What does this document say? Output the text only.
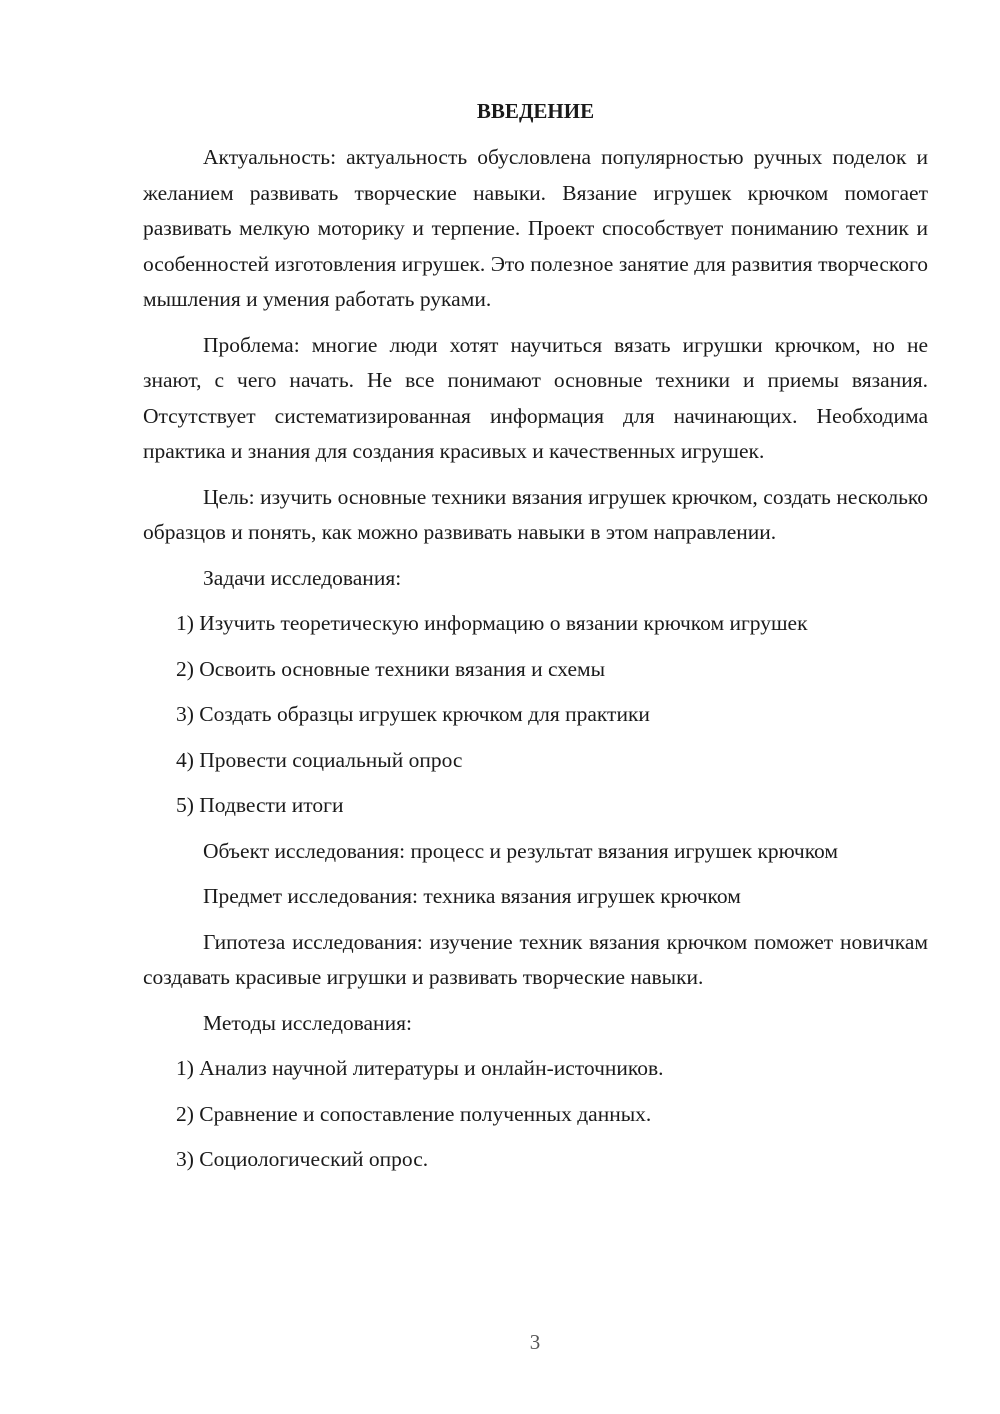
ВВЕДЕНИЕ

Актуальность: актуальность обусловлена популярностью ручных поделок и желанием развивать творческие навыки. Вязание игрушек крючком помогает развивать мелкую моторику и терпение. Проект способствует пониманию техник и особенностей изготовления игрушек. Это полезное занятие для развития творческого мышления и умения работать руками.

Проблема: многие люди хотят научиться вязать игрушки крючком, но не знают, с чего начать. Не все понимают основные техники и приемы вязания. Отсутствует систематизированная информация для начинающих. Необходима практика и знания для создания красивых и качественных игрушек.

Цель: изучить основные техники вязания игрушек крючком, создать несколько образцов и понять, как можно развивать навыки в этом направлении.

Задачи исследования:

1) Изучить теоретическую информацию о вязании крючком игрушек

2) Освоить основные техники вязания и схемы

3) Создать образцы игрушек крючком для практики

4) Провести социальный опрос

5) Подвести итоги

Объект исследования: процесс и результат вязания игрушек крючком

Предмет исследования: техника вязания игрушек крючком

Гипотеза исследования: изучение техник вязания крючком поможет новичкам создавать красивые игрушки и развивать творческие навыки.

Методы исследования:

1) Анализ научной литературы и онлайн-источников.

2) Сравнение и сопоставление полученных данных.

3) Социологический опрос.

3
